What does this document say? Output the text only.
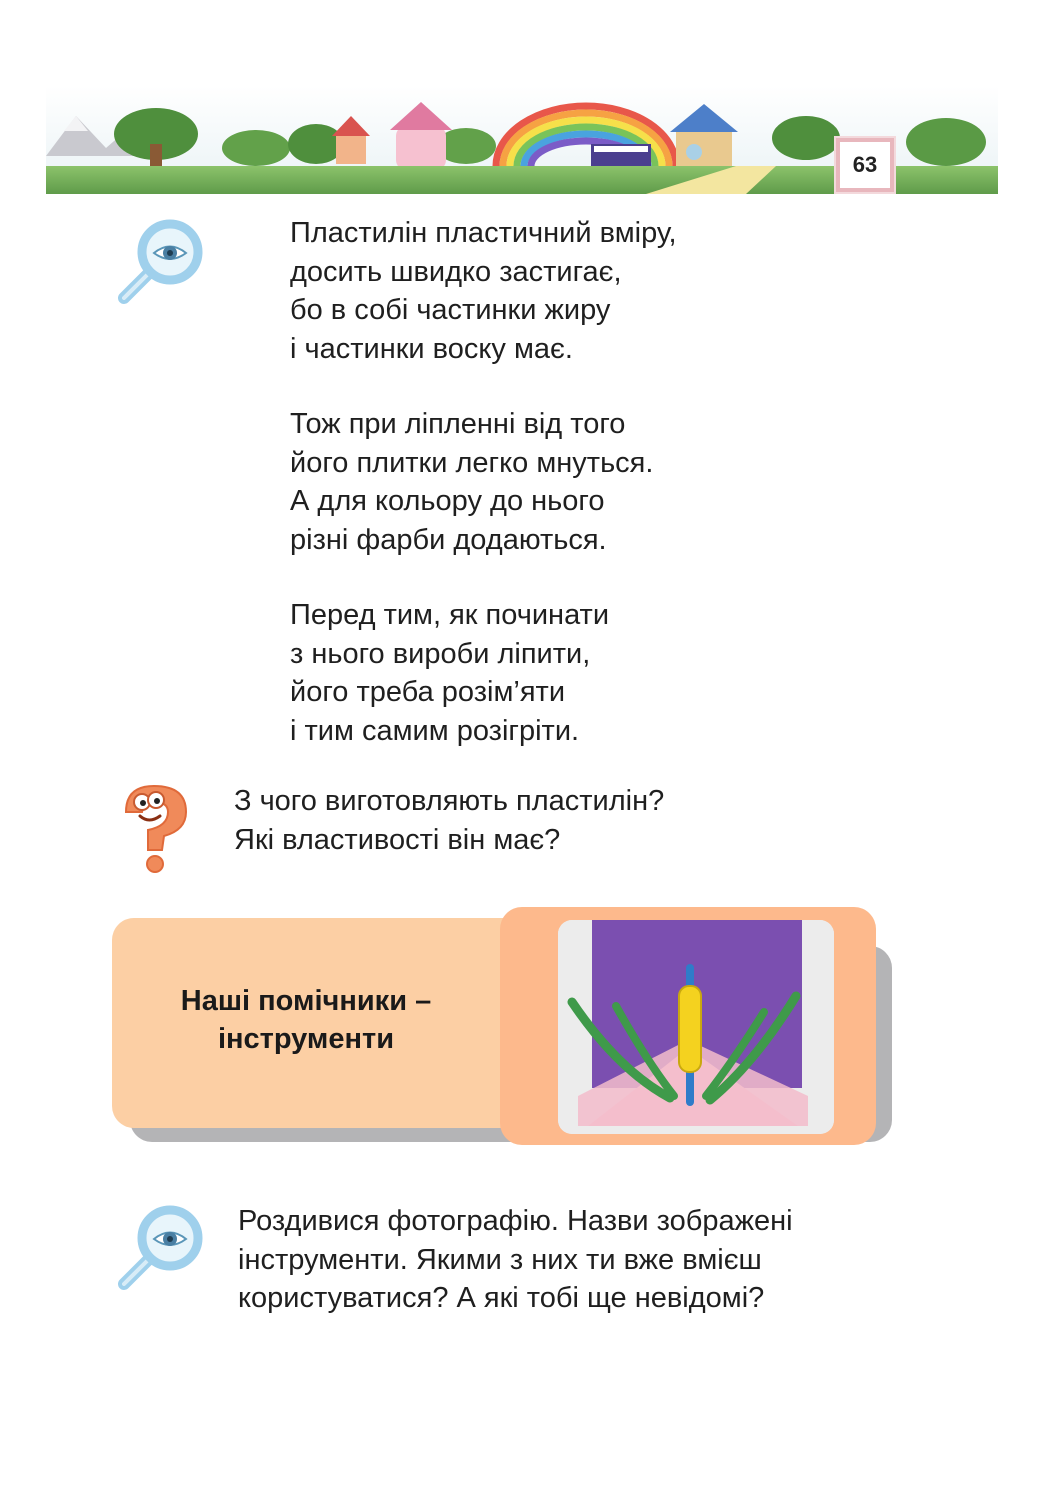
63
Пластилін пластичний вміру,
досить швидко застигає,
бо в собі частинки жиру
і частинки воску має.
Тож при ліпленні від того
його плитки легко мнуться.
А для кольору до нього
різні фарби додаються.
Перед тим, як починати
з нього вироби ліпити,
його треба розім’яти
і тим самим розігріти.
З чого виготовляють пластилін?
Які властивості він має?
Наші помічники –
інструменти
Роздивися фотографію. Назви зображені
інструменти. Якими з них ти вже вмієш
користуватися? А які тобі ще невідомі?
